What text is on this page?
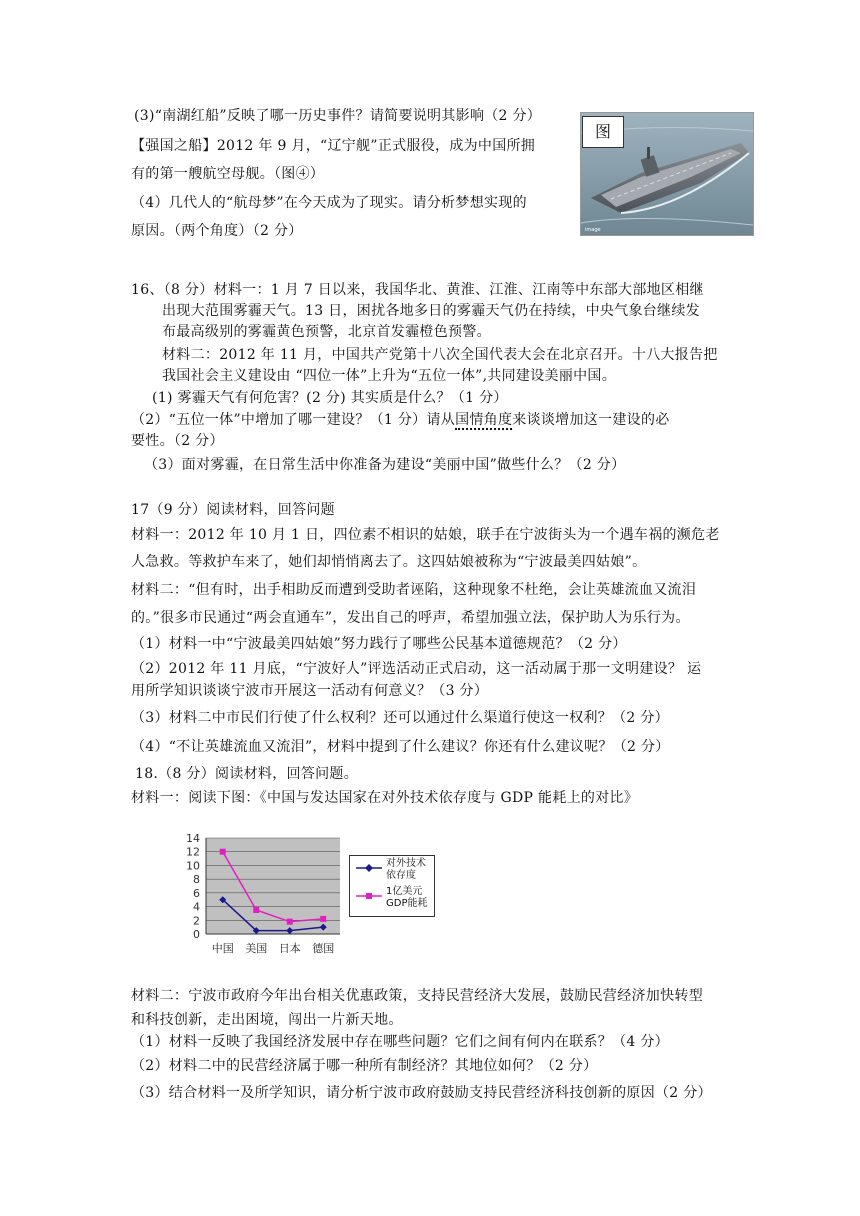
(3)“南湖红船”反映了哪一历史事件？请简要说明其影响（2 分）
【强国之船】2012 年 9 月，“辽宁舰”正式服役，成为中国所拥
有的第一艘航空母舰。（图④）
（4）几代人的“航母梦”在今天成为了现实。请分析梦想实现的
原因。（两个角度）（2 分）	image
图
16、（8 分）材料一：1 月 7 日以来，我国华北、黄淮、江淮、江南等中东部大部地区相继
出现大范围雾霾天气。13 日，困扰各地多日的雾霾天气仍在持续，中央气象台继续发
布最高级别的雾霾黄色预警，北京首发霾橙色预警。
材料二：2012 年 11 月，中国共产党第十八次全国代表大会在北京召开。十八大报告把
我国社会主义建设由 “四位一体”上升为“五位一体”,共同建设美丽中国。
(1) 雾霾天气有何危害？(2 分) 其实质是什么？（1 分）
（2）“五位一体”中增加了哪一建设？（1 分）请从国情角度来谈谈增加这一建设的必
要性。（2 分）
（3）面对雾霾，在日常生活中你准备为建设“美丽中国”做些什么？（2 分）
17（9 分）阅读材料，回答问题
材料一：2012 年 10 月 1 日，四位素不相识的姑娘，联手在宁波街头为一个遇车祸的濒危老
人急救。等救护车来了，她们却悄悄离去了。这四姑娘被称为“宁波最美四姑娘”。
材料二：“但有时，出手相助反而遭到受助者诬陷，这种现象不杜绝，会让英雄流血又流泪
的。”很多市民通过“两会直通车”，发出自己的呼声，希望加强立法，保护助人为乐行为。
（1）材料一中“宁波最美四姑娘”努力践行了哪些公民基本道德规范？（2 分）
（2）2012 年 11 月底，“宁波好人”评选活动正式启动，这一活动属于那一文明建设？ 运
用所学知识谈谈宁波市开展这一活动有何意义？（3 分）
（3）材料二中市民们行使了什么权利？还可以通过什么渠道行使这一权利？（2 分）
（4）“不让英雄流血又流泪”，材料中提到了什么建议？你还有什么建议呢？（2 分）
18.（8 分）阅读材料，回答问题。
材料一：阅读下图：《中国与发达国家在对外技术依存度与 GDP 能耗上的对比》
0
2
4
6
8
10
12
14
中国 美国 日本 德国
对外技术依存度
1亿美元GDP能耗
材料二：宁波市政府今年出台相关优惠政策，支持民营经济大发展，鼓励民营经济加快转型
和科技创新，走出困境，闯出一片新天地。
（1）材料一反映了我国经济发展中存在哪些问题？它们之间有何内在联系？（4 分）
（2）材料二中的民营经济属于哪一种所有制经济？其地位如何？（2 分）
（3）结合材料一及所学知识，请分析宁波市政府鼓励支持民营经济科技创新的原因（2 分）
